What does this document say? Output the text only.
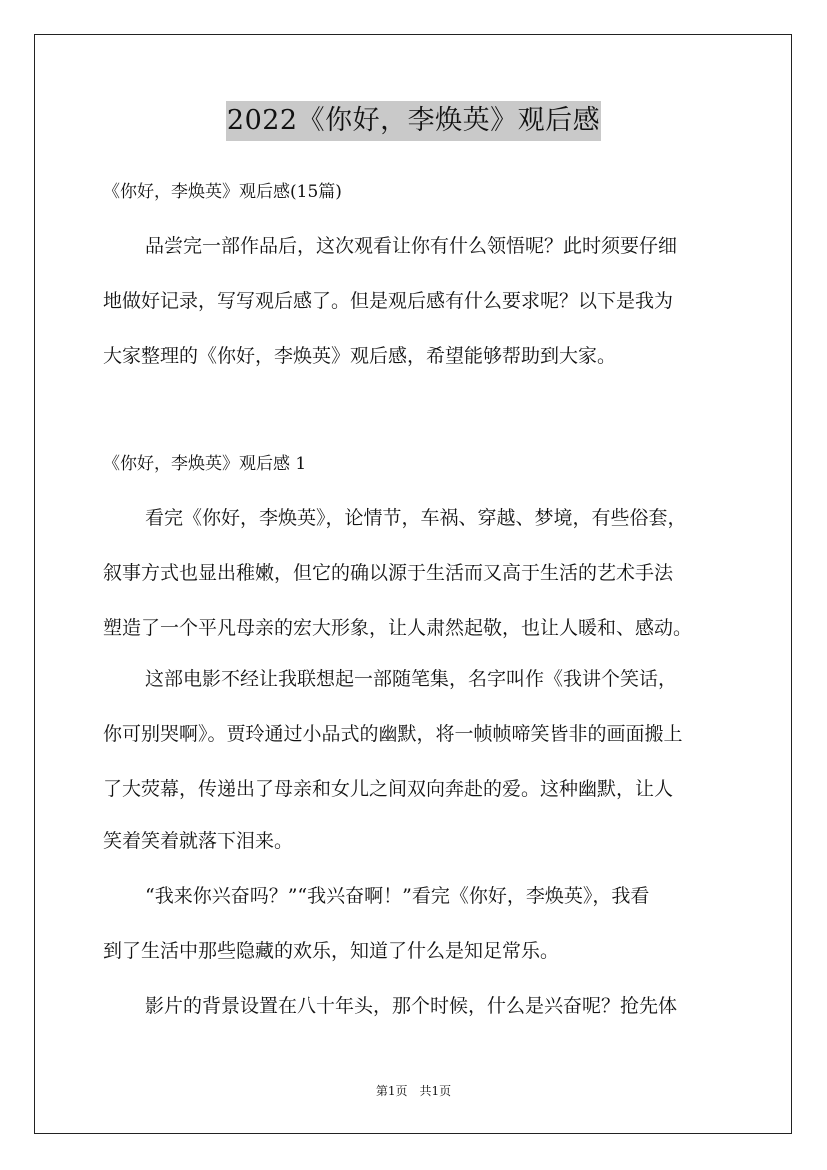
2022《你好，李焕英》观后感
《你好，李焕英》观后感(15篇)
品尝完一部作品后，这次观看让你有什么领悟呢？此时须要仔细
地做好记录，写写观后感了。但是观后感有什么要求呢？以下是我为
大家整理的《你好，李焕英》观后感，希望能够帮助到大家。
《你好，李焕英》观后感 1
看完《你好，李焕英》，论情节，车祸、穿越、梦境，有些俗套，
叙事方式也显出稚嫩，但它的确以源于生活而又高于生活的艺术手法
塑造了一个平凡母亲的宏大形象，让人肃然起敬，也让人暖和、感动。
这部电影不经让我联想起一部随笔集，名字叫作《我讲个笑话，
你可别哭啊》。贾玲通过小品式的幽默，将一帧帧啼笑皆非的画面搬上
了大荧幕，传递出了母亲和女儿之间双向奔赴的爱。这种幽默，让人
笑着笑着就落下泪来。
“我来你兴奋吗？”“我兴奋啊！”看完《你好，李焕英》，我看
到了生活中那些隐藏的欢乐，知道了什么是知足常乐。
影片的背景设置在八十年头，那个时候，什么是兴奋呢？抢先体
第1页　共1页
